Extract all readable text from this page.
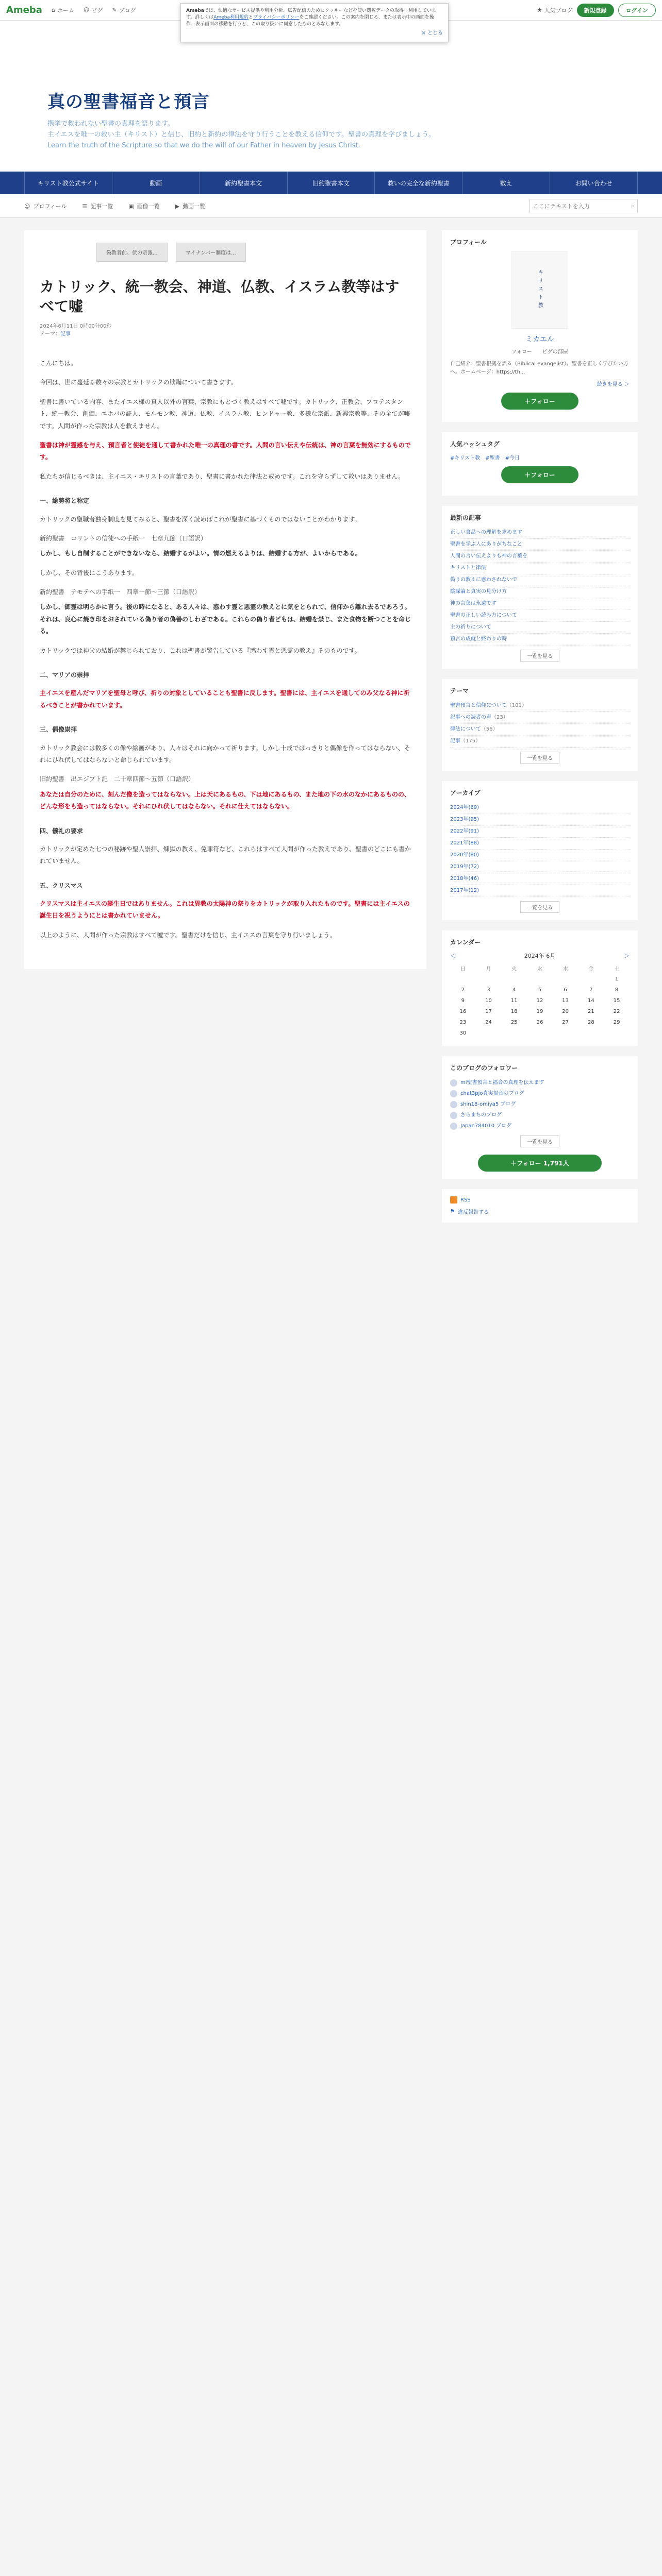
Ameba ⌂ ホーム ☺ ピグ ✎ ブログ	★ 人気ブログ	新規登録	ログイン
Amebaでは、快適なサービス提供や利用分析、広告配信のためにクッキーなどを使い閲覧データの取得・利用しています。詳しくはAmeba利用規約とプライバシーポリシーをご確認ください。この案内を閉じる、または表示中の画面を操作、表示画面の移動を行うと、この取り扱いに同意したものとみなします。
× とじる
真の聖書福音と預言
携挙で救われない聖書の真理を語ります。
主イエスを唯一の救い主（キリスト）と信じ、旧約と新約の律法を守り行うことを教える信仰です。聖書の真理を学びましょう。
Learn the truth of the Scripture so that we do the will of our Father in heaven by Jesus Christ.
キリスト教公式サイト	動画	新約聖書本文	旧約聖書本文	救いの完全な新約聖書	数え	お問い合わせ
☺ プロフィール	☰ 記事一覧	▣ 画像一覧	▶ 動画一覧
ここにテキストを入力	⌕
偽教者前、伏の宗派...	マイナンバー制度は...
カトリック、統一教会、神道、仏教、イスラム教等はすべて嘘
2024年6月11日 0時00分00秒
テーマ：記事

こんにちは。

今回は、世に蔓延る数々の宗教とカトリックの欺瞞について書きます。

聖書に書いている内容、またイエス様の真人以外の言葉、宗教にもとづく教えはすべて嘘です。カトリック、正教会、プロテスタント、統一教会、創価、エホバの証人、モルモン教、神道、仏教、イスラム教、ヒンドゥー教、多様な宗派、新興宗教等、その全てが嘘です。人間が作った宗教は人を救えません。

聖書は神が霊感を与え、預言者と使徒を通して書かれた唯一の真理の書です。人間の言い伝えや伝統は、神の言葉を無効にするものです。

私たちが信じるべきは、主イエス・キリストの言葉であり、聖書に書かれた律法と戒めです。これを守らずして救いはありません。

一、総勢将と称定

カトリックの聖職者独身制度を見てみると、聖書を深く読めばこれが聖書に基づくものではないことがわかります。

新約聖書　コリントの信徒への手紙一　七章九節（口語訳）

しかし、もし自制することができないなら、結婚するがよい。情の燃えるよりは、結婚する方が、よいからである。

しかし、その背後にこうあります。

新約聖書　テモテへの手紙一　四章一節～三節（口語訳）

しかし、御霊は明らかに言う。後の時になると、ある人々は、惑わす霊と悪霊の教えとに気をとられて、信仰から離れ去るであろう。それは、良心に焼き印をおされている偽り者の偽善のしわざである。これらの偽り者どもは、結婚を禁じ、また食物を断つことを命じる。

カトリックでは神父の結婚が禁じられており、これは聖書が警告している『惑わす霊と悪霊の教え』そのものです。

二、マリアの崇拝

主イエスを産んだマリアを聖母と呼び、祈りの対象としていることも聖書に反します。聖書には、主イエスを通してのみ父なる神に祈るべきことが書かれています。

三、偶像崇拝

カトリック教会には数多くの像や絵画があり、人々はそれに向かって祈ります。しかし十戒ではっきりと偶像を作ってはならない、それにひれ伏してはならないと命じられています。

旧約聖書　出エジプト記　二十章四節～五節（口語訳）

あなたは自分のために、刻んだ像を造ってはならない。上は天にあるもの、下は地にあるもの、また地の下の水のなかにあるものの、どんな形をも造ってはならない。それにひれ伏してはならない。それに仕えてはならない。

四、儀礼の要求

カトリックが定めた七つの秘跡や聖人崇拝、煉獄の教え、免罪符など、これらはすべて人間が作った教えであり、聖書のどこにも書かれていません。

五、クリスマス

クリスマスは主イエスの誕生日ではありません。これは異教の太陽神の祭りをカトリックが取り入れたものです。聖書には主イエスの誕生日を祝うようにとは書かれていません。

以上のように、人間が作った宗教はすべて嘘です。聖書だけを信じ、主イエスの言葉を守り行いましょう。

プロフィール
キリスト教
ミカエル
フォロー　　ピグの部屋
自己紹介：聖書根拠を語る（Biblical evangelist）。聖書を正しく学びたい方へ。ホームページ：https://th...
続きを見る ＞
＋フォロー
人気ハッシュタグ
#キリスト教 #聖書 #今日
＋フォロー
最新の記事
正しい食品への理解を求めます
聖書を学ぶ人にありがちなこと
人間の言い伝えよりも神の言葉を
キリストと律法
偽りの教えに惑わされないで
陰謀論と真実の見分け方
神の言葉は永遠です
聖書の正しい読み方について
主の祈りについて
預言の成就と終わりの時
一覧を見る
テーマ
聖書預言と信仰について（101）
記事への読者の声（23）
律法について（56）
記事（175）
一覧を見る
アーカイブ
2024年(69)
2023年(95)
2022年(91)
2021年(88)
2020年(80)
2019年(72)
2018年(46)
2017年(12)
一覧を見る
カレンダー
＜	2024年 6月	＞
日	月	火	水	木	金	土
						1
2	3	4	5	6	7	8
9	10	11	12	13	14	15
16	17	18	19	20	21	22
23	24	25	26	27	28	29
30						
このブログのフォロワー
mi聖書預言と福音の真理を伝えます
chat3pjo真実福音のブログ
shin18-omiya5 ブログ
さらまちのブログ
Japan784010 ブログ
一覧を見る
＋フォロー 1,791人
RSS
⚑ 違反報告する
